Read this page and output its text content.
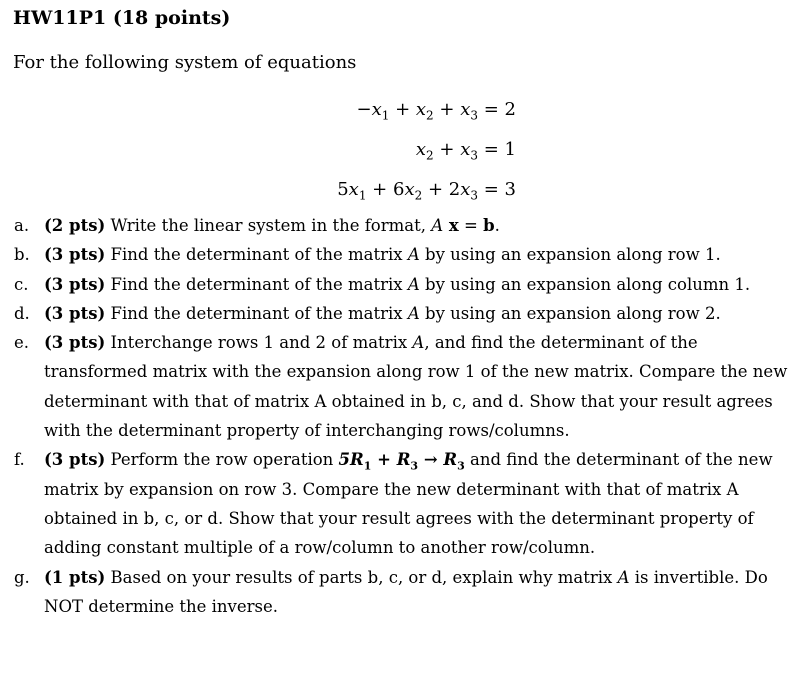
HW11P1 (18 points)
For the following system of equations
$-x_1 + x_2 + x_3 = 2$
$x_2 + x_3 = 1$
$5x_1 + 6x_2 + 2x_3 = 3$
a. (2 pts) Write the linear system in the format, A x = b.
b. (3 pts) Find the determinant of the matrix A by using an expansion along row 1.
c. (3 pts) Find the determinant of the matrix A by using an expansion along column 1.
d. (3 pts) Find the determinant of the matrix A by using an expansion along row 2.
e. (3 pts) Interchange rows 1 and 2 of matrix A, and find the determinant of the transformed matrix with the expansion along row 1 of the new matrix. Compare the new determinant with that of matrix A obtained in b, c, and d. Show that your result agrees with the determinant property of interchanging rows/columns.
f.	(3 pts) Perform the row operation $5R_1 + R_3 \to R_3$ and find the determinant of the new matrix by expansion on row 3. Compare the new determinant with that of matrix A obtained in b, c, or d. Show that your result agrees with the determinant property of adding constant multiple of a row/column to another row/column.
g. (1 pts) Based on your results of parts b, c, or d, explain why matrix A is invertible. Do NOT determine the inverse.
